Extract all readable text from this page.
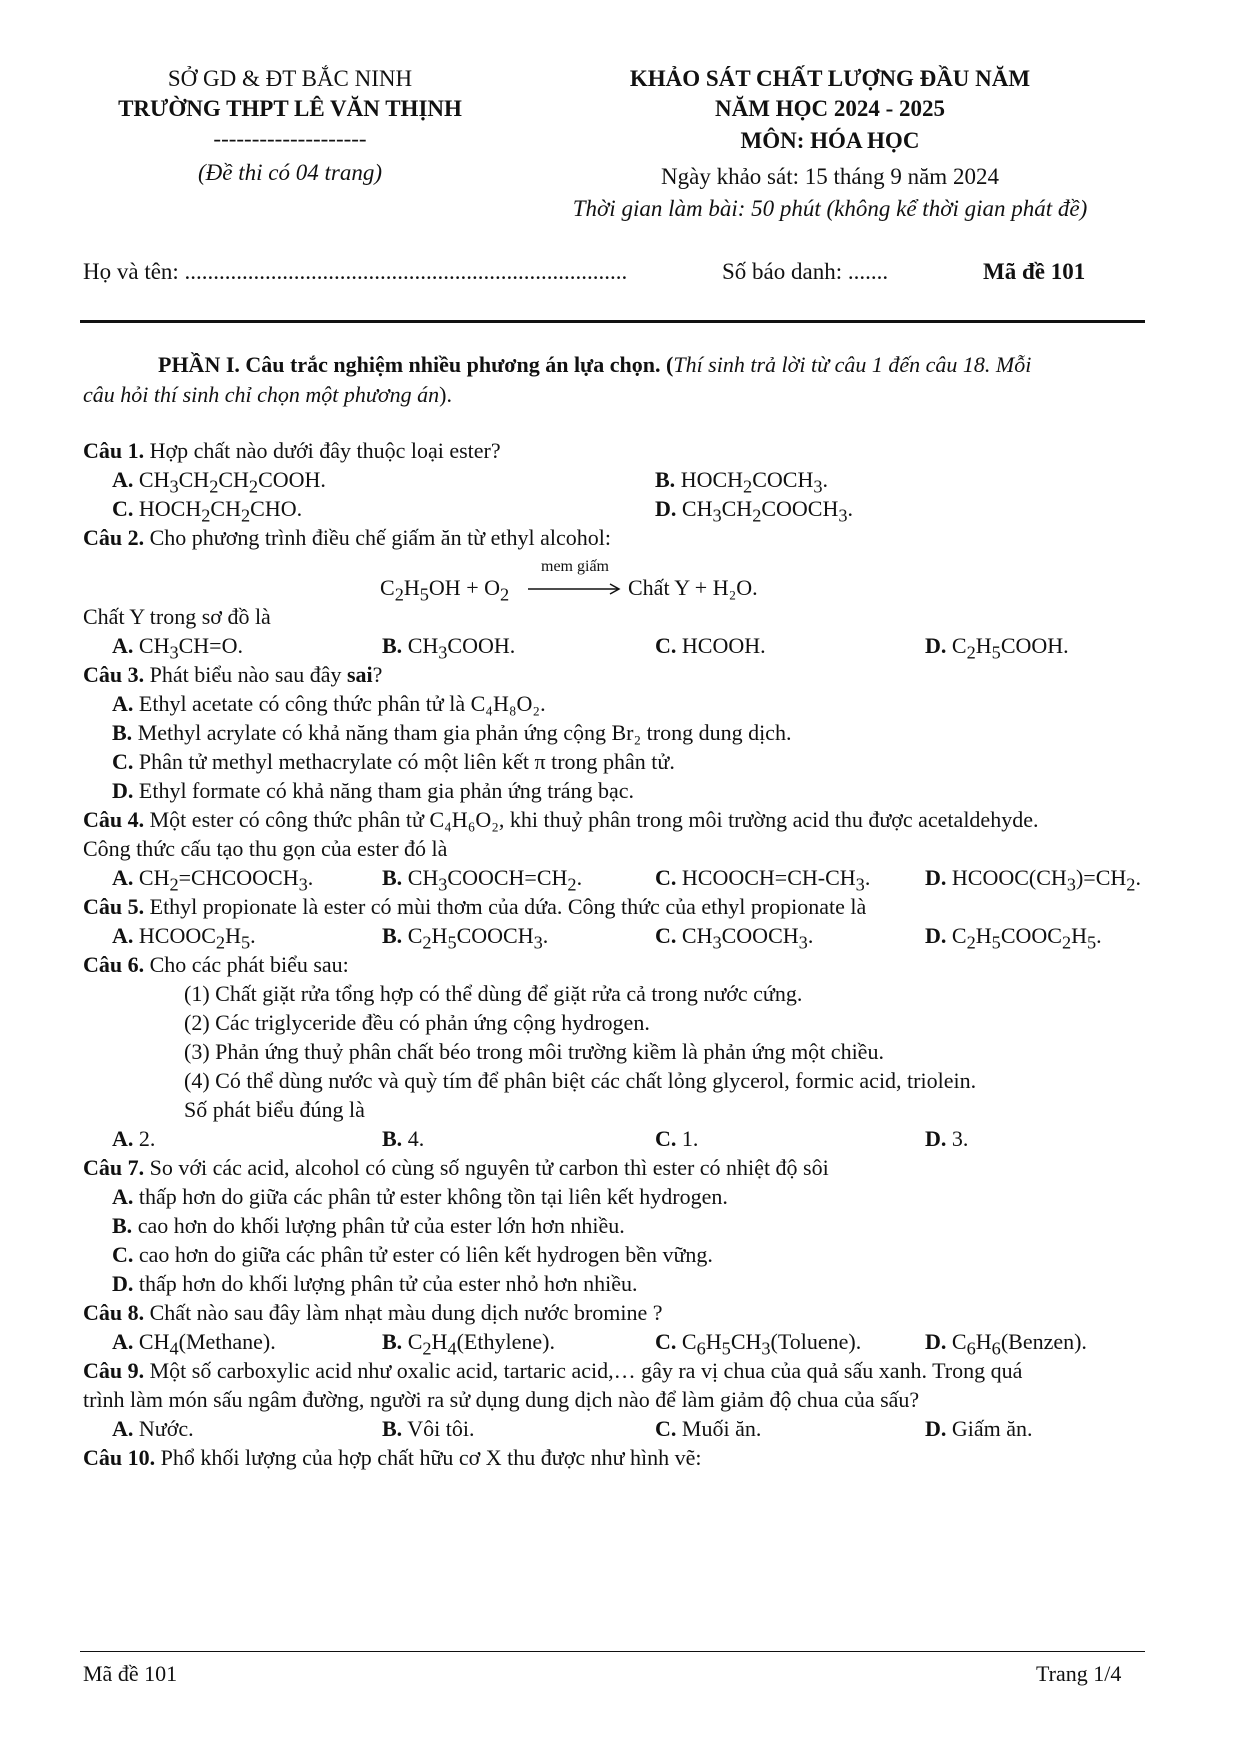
SỞ GD & ĐT BẮC NINH
TRƯỜNG THPT LÊ VĂN THỊNH
--------------------
(Đề thi có 04 trang)
KHẢO SÁT CHẤT LƯỢNG ĐẦU NĂM
NĂM HỌC 2024 - 2025
MÔN: HÓA HỌC
Ngày khảo sát: 15 tháng 9 năm 2024
Thời gian làm bài: 50 phút (không kể thời gian phát đề)
Họ và tên: .............................................................................	Số báo danh: .......	Mã đề 101
PHẦN I. Câu trắc nghiệm nhiều phương án lựa chọn. (Thí sinh trả lời từ câu 1 đến câu 18. Mỗi
câu hỏi thí sinh chỉ chọn một phương án).
Câu 1. Hợp chất nào dưới đây thuộc loại ester?
A. $CH_3CH_2CH_2COOH$.	B. $HOCH_2COCH_3$.
C. $HOCH_2CH_2CHO$.	D. $CH_3CH_2COOCH_3$.
Câu 2. Cho phương trình điều chế giấm ăn từ ethyl alcohol:
$C_2H_5OH + O_2$
mem giấm
Chất Y + H₂O.
Chất Y trong sơ đồ là
A. $CH_3CH=O$.	B. $CH_3COOH$.	C. HCOOH.	D. $C_2H_5COOH$.
Câu 3. Phát biểu nào sau đây sai?
A. Ethyl acetate có công thức phân tử là C₄H₈O₂.
B. Methyl acrylate có khả năng tham gia phản ứng cộng Br₂ trong dung dịch.
C. Phân tử methyl methacrylate có một liên kết π trong phân tử.
D. Ethyl formate có khả năng tham gia phản ứng tráng bạc.
Câu 4. Một ester có công thức phân tử C₄H₆O₂, khi thuỷ phân trong môi trường acid thu được acetaldehyde.
Công thức cấu tạo thu gọn của ester đó là
A. $CH_2=CHCOOCH_3$.	B. $CH_3COOCH=CH_2$.	C. $HCOOCH=CH-CH_3$. D. $HCOOC(CH_3)=CH_2$.
Câu 5. Ethyl propionate là ester có mùi thơm của dứa. Công thức của ethyl propionate là
A. $HCOOC_2H_5$.	B. $C_2H_5COOCH_3$.	C. $CH_3COOCH_3$.	D. $C_2H_5COOC_2H_5$.
Câu 6. Cho các phát biểu sau:
(1) Chất giặt rửa tổng hợp có thể dùng để giặt rửa cả trong nước cứng.
(2) Các triglyceride đều có phản ứng cộng hydrogen.
(3) Phản ứng thuỷ phân chất béo trong môi trường kiềm là phản ứng một chiều.
(4) Có thể dùng nước và quỳ tím để phân biệt các chất lỏng glycerol, formic acid, triolein.
Số phát biểu đúng là
A. 2.	B. 4.	C. 1.	D. 3.
Câu 7. So với các acid, alcohol có cùng số nguyên tử carbon thì ester có nhiệt độ sôi
A. thấp hơn do giữa các phân tử ester không tồn tại liên kết hydrogen.
B. cao hơn do khối lượng phân tử của ester lớn hơn nhiều.
C. cao hơn do giữa các phân tử ester có liên kết hydrogen bền vững.
D. thấp hơn do khối lượng phân tử của ester nhỏ hơn nhiều.
Câu 8. Chất nào sau đây làm nhạt màu dung dịch nước bromine ?
A. $CH_4(Methane)$.	B. $C_2H_4(Ethylene)$.	C. $C_6H_5CH_3(Toluene)$.	D. $C_6H_6(Benzen)$.
Câu 9. Một số carboxylic acid như oxalic acid, tartaric acid,… gây ra vị chua của quả sấu xanh. Trong quá
trình làm món sấu ngâm đường, người ra sử dụng dung dịch nào để làm giảm độ chua của sấu?
A. Nước.	B. Vôi tôi.	C. Muối ăn.	D. Giấm ăn.
Câu 10. Phổ khối lượng của hợp chất hữu cơ X thu được như hình vẽ:
Mã đề 101	Trang 1/4
